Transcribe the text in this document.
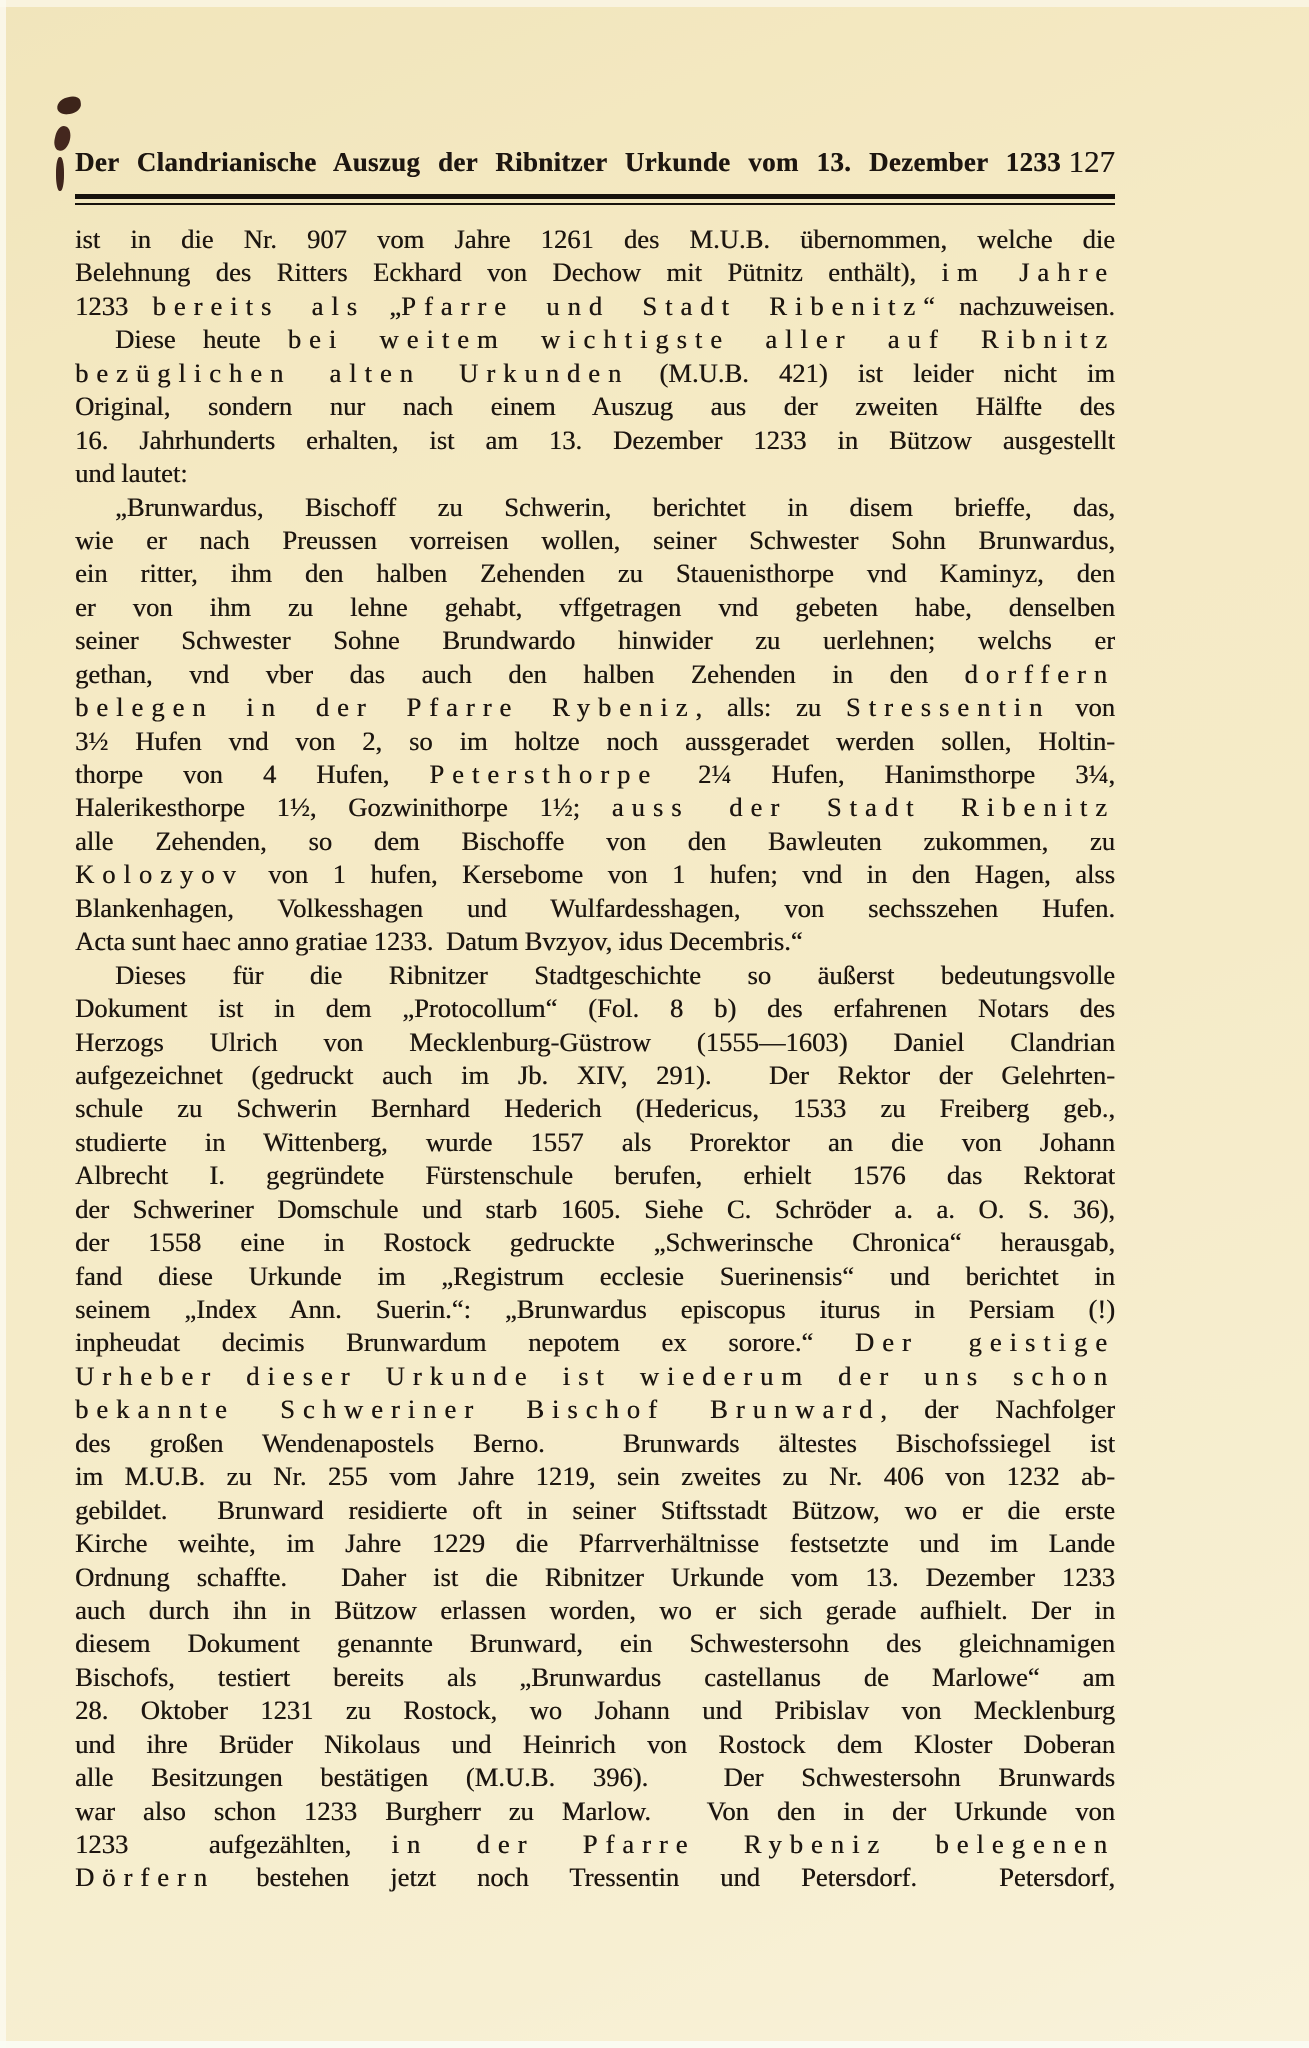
Der Clandrianische Auszug der Ribnitzer Urkunde vom 13. Dezember 1233 127
ist in die Nr. 907 vom Jahre 1261 des M.U.B. übernommen, welche die
Belehnung des Ritters Eckhard von Dechow mit Pütnitz enthält), im Jahre
1233 bereits als „Pfarre und Stadt Ribenitz“ nachzuweisen.
Diese heute bei weitem wichtigste aller auf Ribnitz
bezüglichen alten Urkunden (M.U.B. 421) ist leider nicht im
Original, sondern nur nach einem Auszug aus der zweiten Hälfte des
16. Jahrhunderts erhalten, ist am 13. Dezember 1233 in Bützow ausgestellt
und lautet:
„Brunwardus, Bischoff zu Schwerin, berichtet in disem brieffe, das,
wie er nach Preussen vorreisen wollen, seiner Schwester Sohn Brunwardus,
ein ritter, ihm den halben Zehenden zu Stauenisthorpe vnd Kaminyz, den
er von ihm zu lehne gehabt, vffgetragen vnd gebeten habe, denselben
seiner Schwester Sohne Brundwardo hinwider zu uerlehnen; welchs er
gethan, vnd vber das auch den halben Zehenden in den dorffern
belegen in der Pfarre Rybeniz, alls: zu Stressentin von
3½ Hufen vnd von 2, so im holtze noch aussgeradet werden sollen, Holtin-
thorpe von 4 Hufen, Petersthorpe 2¼ Hufen, Hanimsthorpe 3¼,
Halerikesthorpe 1½, Gozwinithorpe 1½; auss der Stadt Ribenitz
alle Zehenden, so dem Bischoffe von den Bawleuten zukommen, zu
Kolozyov von 1 hufen, Kersebome von 1 hufen; vnd in den Hagen, alss
Blankenhagen, Volkesshagen und Wulfardesshagen, von sechsszehen Hufen.
Acta sunt haec anno gratiae 1233.  Datum Bvzyov, idus Decembris.“
Dieses für die Ribnitzer Stadtgeschichte so äußerst bedeutungsvolle
Dokument ist in dem „Protocollum“ (Fol. 8 b) des erfahrenen Notars des
Herzogs Ulrich von Mecklenburg-Güstrow (1555—1603) Daniel Clandrian
aufgezeichnet (gedruckt auch im Jb. XIV, 291).  Der Rektor der Gelehrten-
schule zu Schwerin Bernhard Hederich (Hedericus, 1533 zu Freiberg geb.,
studierte in Wittenberg, wurde 1557 als Prorektor an die von Johann
Albrecht I. gegründete Fürstenschule berufen, erhielt 1576 das Rektorat
der Schweriner Domschule und starb 1605. Siehe C. Schröder a. a. O. S. 36),
der 1558 eine in Rostock gedruckte „Schwerinsche Chronica“ herausgab,
fand diese Urkunde im „Registrum ecclesie Suerinensis“ und berichtet in
seinem „Index Ann. Suerin.“: „Brunwardus episcopus iturus in Persiam (!)
inpheudat decimis Brunwardum nepotem ex sorore.“ Der geistige
Urheber dieser Urkunde ist wiederum der uns schon
bekannte Schweriner Bischof Brunward, der Nachfolger
des großen Wendenapostels Berno.  Brunwards ältestes Bischofssiegel ist
im M.U.B. zu Nr. 255 vom Jahre 1219, sein zweites zu Nr. 406 von 1232 ab-
gebildet.  Brunward residierte oft in seiner Stiftsstadt Bützow, wo er die erste
Kirche weihte, im Jahre 1229 die Pfarrverhältnisse festsetzte und im Lande
Ordnung schaffte.  Daher ist die Ribnitzer Urkunde vom 13. Dezember 1233
auch durch ihn in Bützow erlassen worden, wo er sich gerade aufhielt. Der in
diesem Dokument genannte Brunward, ein Schwestersohn des gleichnamigen
Bischofs, testiert bereits als „Brunwardus castellanus de Marlowe“ am
28. Oktober 1231 zu Rostock, wo Johann und Pribislav von Mecklenburg
und ihre Brüder Nikolaus und Heinrich von Rostock dem Kloster Doberan
alle Besitzungen bestätigen (M.U.B. 396).  Der Schwestersohn Brunwards
war also schon 1233 Burgherr zu Marlow.  Von den in der Urkunde von
1233  aufgezählten, in der Pfarre Rybeniz belegenen
Dörfern bestehen jetzt noch Tressentin und Petersdorf.  Petersdorf,
